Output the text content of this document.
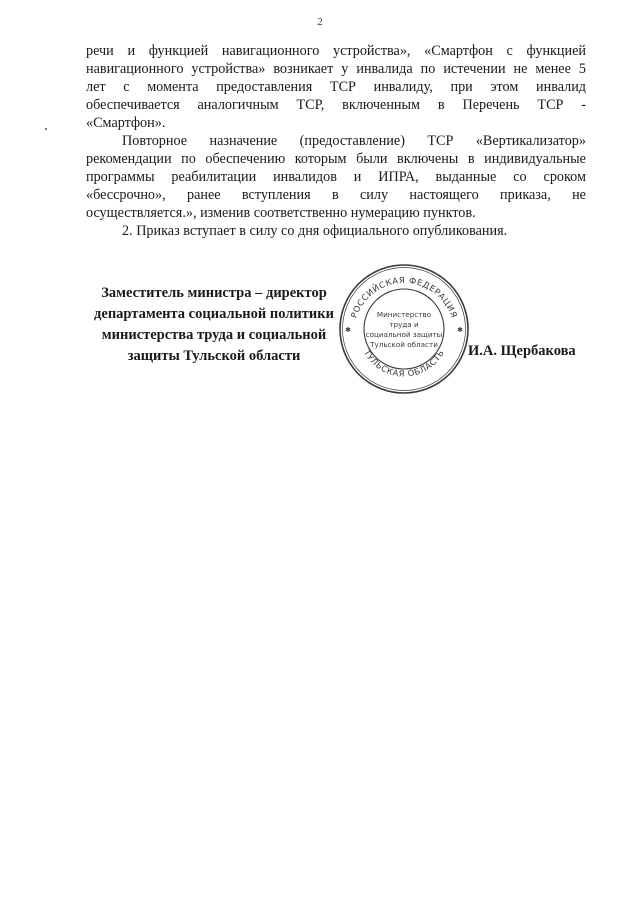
2
речи и функцией навигационного устройства», «Смартфон с функцией
навигационного устройства» возникает у инвалида по истечении не менее 5
лет с момента предоставления ТСР инвалиду, при этом инвалид
обеспечивается аналогичным ТСР, включенным в Перечень ТСР -
«Смартфон».
Повторное назначение (предоставление) ТСР «Вертикализатор»
рекомендации по обеспечению которым были включены в индивидуальные
программы реабилитации инвалидов и ИПРА, выданные со сроком
«бессрочно», ранее вступления в силу настоящего приказа, не
осуществляется.», изменив соответственно нумерацию пунктов.
2. Приказ вступает в силу со дня официального опубликования.
Заместитель министра – директор
департамента социальной политики
министерства труда и социальной
защиты Тульской области
РОССИЙСКАЯ ФЕДЕРАЦИЯ
ТУЛЬСКАЯ ОБЛАСТЬ
✱	✱
Министерство
труда и
социальной защиты
Тульской области И.А. Щербакова
